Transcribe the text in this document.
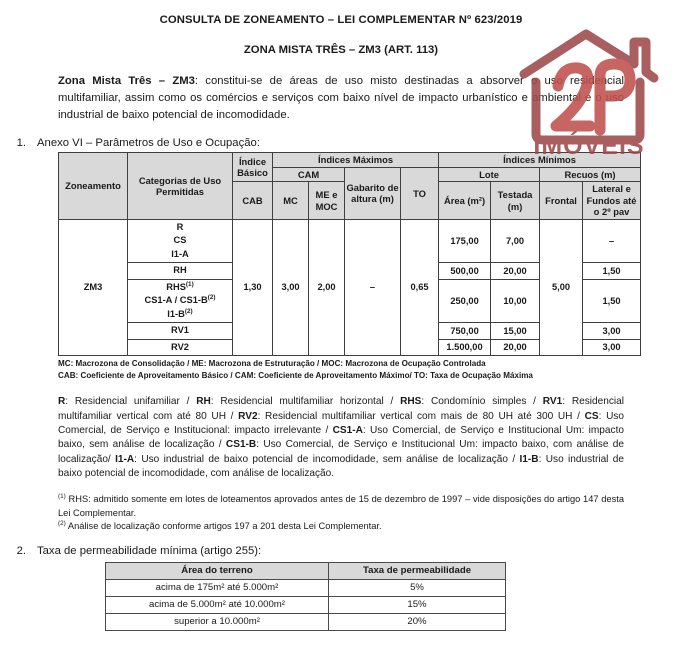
IMÓVEIS
CONSULTA DE ZONEAMENTO – LEI COMPLEMENTAR Nº 623/2019
ZONA MISTA TRÊS – ZM3 (ART. 113)

Zona Mista Três – ZM3: constitui-se de áreas de uso misto destinadas a absorver o uso residencial multifamiliar, assim como os comércios e serviços com baixo nível de impacto urbanístico e ambiental e o uso industrial de baixo potencial de incomodidade.

1. Anexo VI – Parâmetros de Uso e Ocupação:
Zoneamento	Categorias de Uso Permitidas	Índice Básico	Índices Máximos				Índices Mínimos			
			CAM		Gabarito de altura (m)	TO	Lote		Recuos (m)	
		CAB	MC	ME e MOC			Área (m²)	Testada (m)	Frontal	Lateral e Fundos até o 2º pav
ZM3	R
CS
I1-A	1,30	3,00	2,00	–	0,65	175,00	7,00	5,00	–

	RH						500,00	20,00		1,50

	RHS$^{(1)}$
$CS1-A / CS1-B^{(2)}$
$I1-B^{(2)}$						250,00	10,00		1,50

	RV1						750,00	15,00		3,00

	RV2						1.500,00	20,00		3,00
MC: Macrozona de Consolidação / ME: Macrozona de Estruturação / MOC: Macrozona de Ocupação Controlada
CAB: Coeficiente de Aproveitamento Básico / CAM: Coeficiente de Aproveitamento Máximo/ TO: Taxa de Ocupação Máxima

R: Residencial unifamiliar / RH: Residencial multifamiliar horizontal / RHS: Condomínio simples / RV1: Residencial multifamiliar vertical com até 80 UH / RV2: Residencial multifamiliar vertical com mais de 80 UH até 300 UH / CS: Uso Comercial, de Serviço e Institucional: impacto irrelevante / CS1-A: Uso Comercial, de Serviço e Institucional Um: impacto baixo, sem análise de localização / CS1-B: Uso Comercial, de Serviço e Institucional Um: impacto baixo, com análise de localização/ I1-A: Uso industrial de baixo potencial de incomodidade, sem análise de localização / I1-B: Uso industrial de baixo potencial de incomodidade, com análise de localização.

$^{(1)}$ RHS: admitido somente em lotes de loteamentos aprovados antes de 15 de dezembro de 1997 – vide disposições do artigo 147 desta Lei Complementar.

$^{(2)}$ Análise de localização conforme artigos 197 a 201 desta Lei Complementar.

2. Taxa de permeabilidade mínima (artigo 255):
Área do terreno	Taxa de permeabilidade
acima de 175m² até 5.000m²	5%
acima de 5.000m² até 10.000m²	15%
superior a 10.000m²	20%
